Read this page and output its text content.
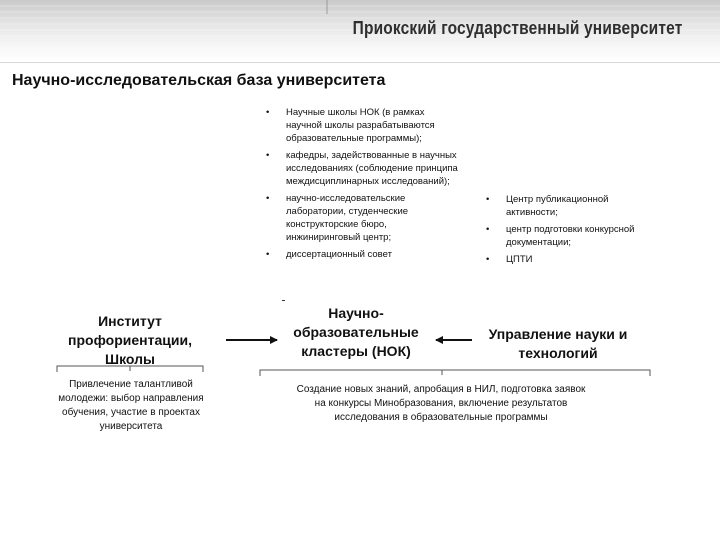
Приокский государственный университет
Научно-исследовательская база университета
• Научные школы НОК (в рамках научной школы разрабатываются образовательные программы);
• кафедры, задействованные в научных исследованиях (соблюдение принципа междисциплинарных исследований);
• научно-исследовательские лаборатории, студенческие конструкторские бюро, инжиниринговый центр;
• диссертационный совет
• Центр публикационной активности;
• центр подготовки конкурсной документации;
• ЦПТИ
Институт профориентации, Школы
Научно-образовательные кластеры (НОК)
Управление науки и технологий
Привлечение талантливой молодежи: выбор направления обучения, участие в проектах университета
Создание новых знаний, апробация в НИЛ, подготовка заявок на конкурсы Минобразования, включение результатов исследования в образовательные программы
